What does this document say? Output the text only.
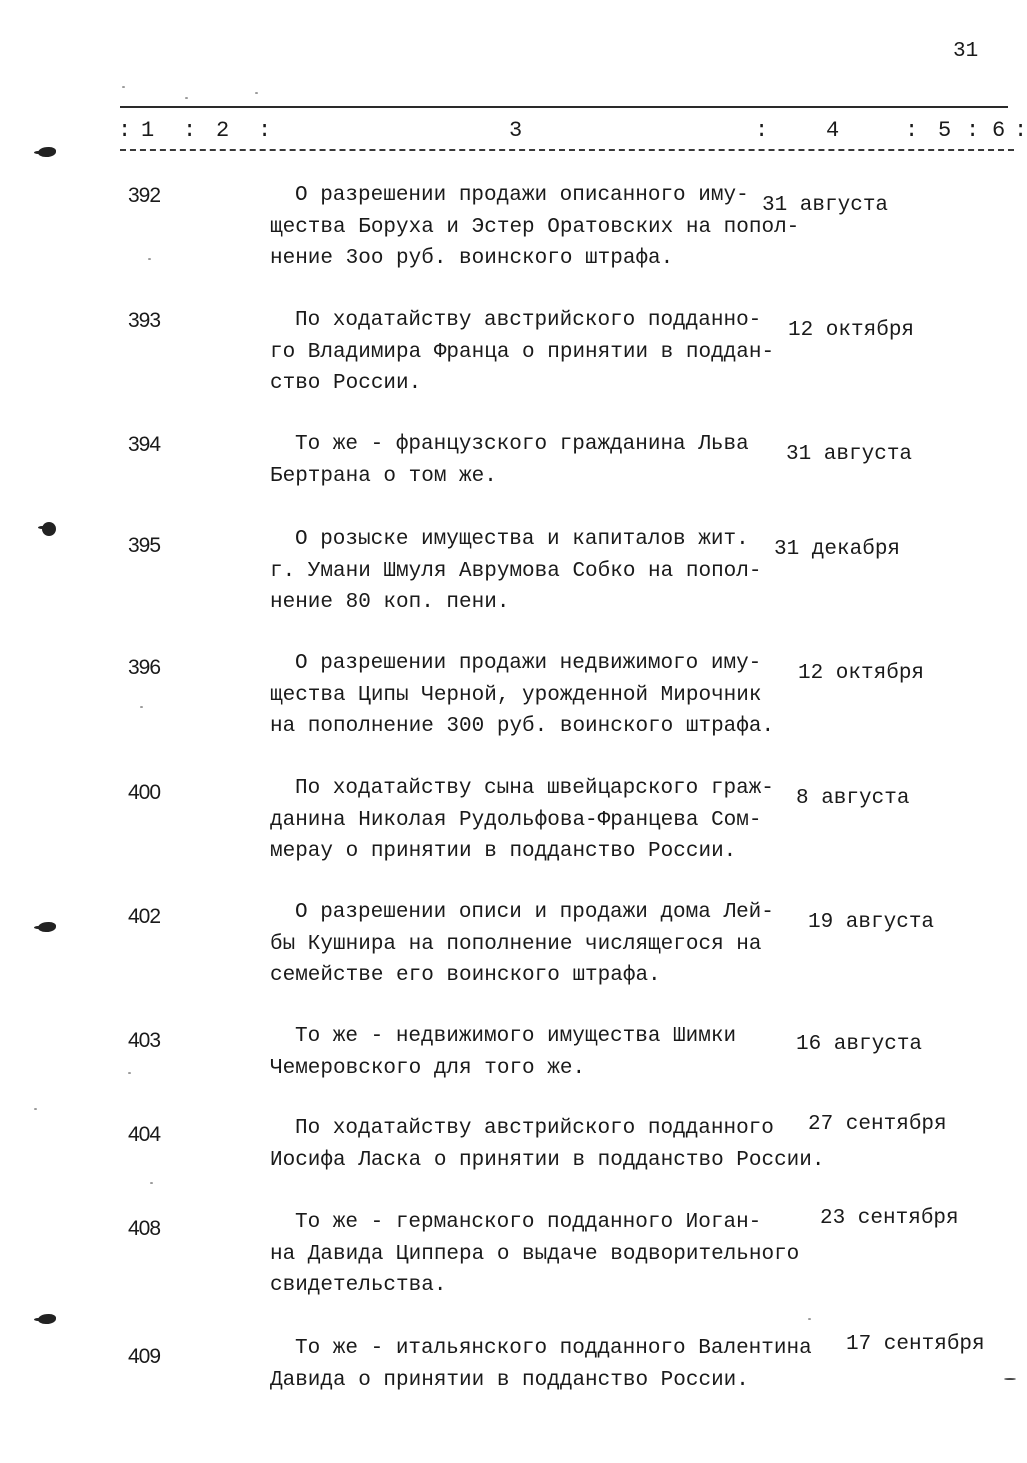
31
: 1 : 2 :	3	:	4	: 5 : 6 :
392	О разрешении продажи описанного иму-
щества Боруха и Эстер Оратовских на попол-
нение 3оо руб. воинского штрафа.
31 августа
393	По ходатайству австрийского подданно-
го Владимира Франца о принятии в поддан-
ство России.
12 октября
394	То же - французского гражданина Льва
Бертрана о том же.
31 августа
395	О розыске имущества и капиталов жит.
г. Умани Шмуля Аврумова Собко на попол-
нение 80 коп. пени.
31 декабря
396	О разрешении продажи недвижимого иму-
щества Ципы Черной, урожденной Мирочник
на пополнение 300 руб. воинского штрафа.
12 октября
400	По ходатайству сына швейцарского граж-
данина Николая Рудольфова-Францева Сом-
мерау о принятии в подданство России.
8 августа
402	О разрешении описи и продажи дома Лей-
бы Кушнира на пополнение числящегося на
семействе его воинского штрафа.
19 августа
403	То же - недвижимого имущества Шимки
Чемеровского для того же.
16 августа
404	По ходатайству австрийского подданного
Иосифа Ласка о принятии в подданство России.
27 сентября
408	То же - германского подданного Иоган-
на Давида Циппера о выдаче водворительного
свидетельства.
23 сентября
409	То же - итальянского подданного Валентина
Давида о принятии в подданство России.
17 сентября
